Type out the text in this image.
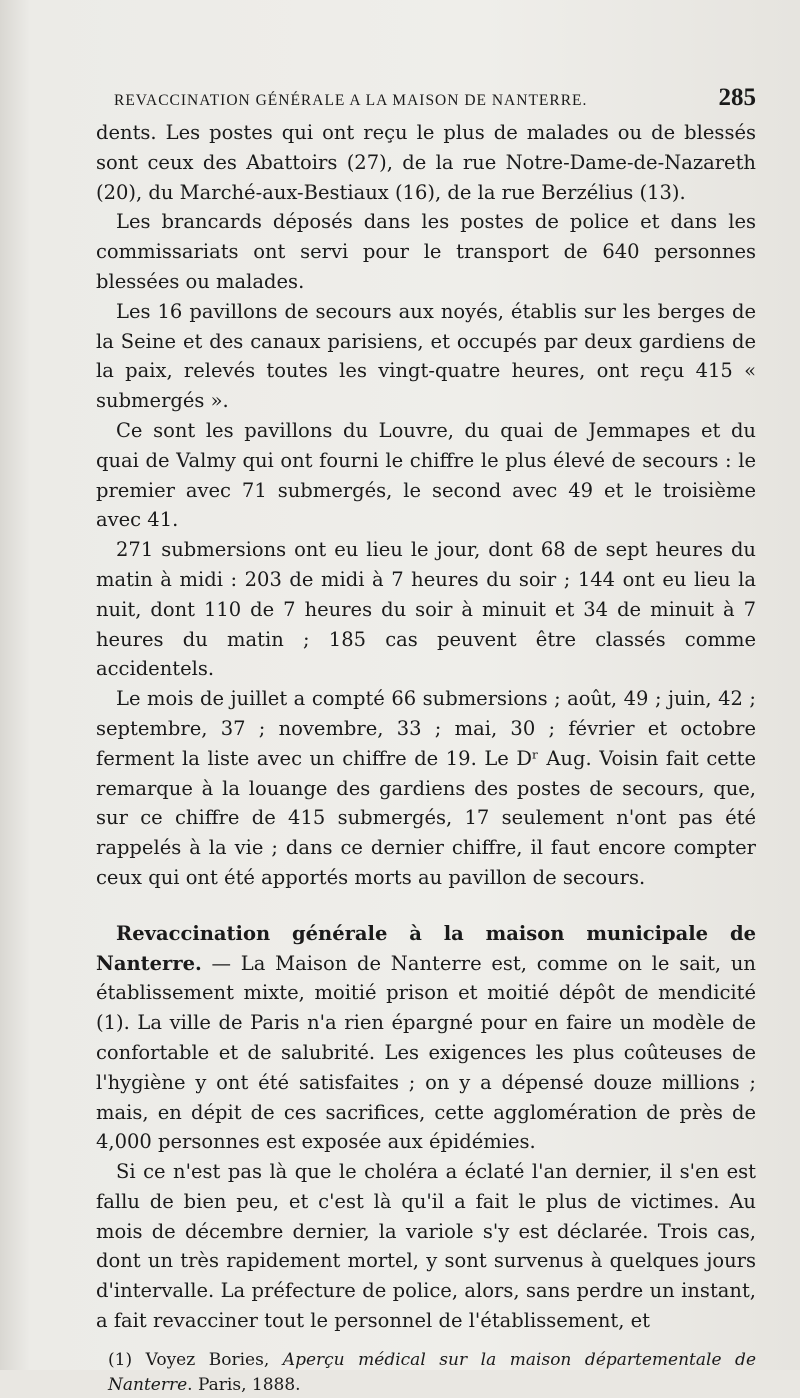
REVACCINATION GÉNÉRALE A LA MAISON DE NANTERRE.	285

dents. Les postes qui ont reçu le plus de malades ou de blessés sont ceux des Abattoirs (27), de la rue Notre-Dame-de-Nazareth (20), du Marché-aux-Bestiaux (16), de la rue Berzélius (13).

Les brancards déposés dans les postes de police et dans les commissariats ont servi pour le transport de 640 personnes blessées ou malades.

Les 16 pavillons de secours aux noyés, établis sur les berges de la Seine et des canaux parisiens, et occupés par deux gardiens de la paix, relevés toutes les vingt-quatre heures, ont reçu 415 « submergés ».

Ce sont les pavillons du Louvre, du quai de Jemmapes et du quai de Valmy qui ont fourni le chiffre le plus élevé de secours : le premier avec 71 submergés, le second avec 49 et le troisième avec 41.

271 submersions ont eu lieu le jour, dont 68 de sept heures du matin à midi : 203 de midi à 7 heures du soir ; 144 ont eu lieu la nuit, dont 110 de 7 heures du soir à minuit et 34 de minuit à 7 heures du matin ; 185 cas peuvent être classés comme accidentels.

Le mois de juillet a compté 66 submersions ; août, 49 ; juin, 42 ; septembre, 37 ; novembre, 33 ; mai, 30 ; février et octobre ferment la liste avec un chiffre de 19. Le Dʳ Aug. Voisin fait cette remarque à la louange des gardiens des postes de secours, que, sur ce chiffre de 415 submergés, 17 seulement n'ont pas été rappelés à la vie ; dans ce dernier chiffre, il faut encore compter ceux qui ont été apportés morts au pavillon de secours.

Revaccination générale à la maison municipale de Nanterre. — La Maison de Nanterre est, comme on le sait, un établissement mixte, moitié prison et moitié dépôt de mendicité (1). La ville de Paris n'a rien épargné pour en faire un modèle de confortable et de salubrité. Les exigences les plus coûteuses de l'hygiène y ont été satisfaites ; on y a dépensé douze millions ; mais, en dépit de ces sacrifices, cette agglomération de près de 4,000 personnes est exposée aux épidémies.

Si ce n'est pas là que le choléra a éclaté l'an dernier, il s'en est fallu de bien peu, et c'est là qu'il a fait le plus de victimes. Au mois de décembre dernier, la variole s'y est déclarée. Trois cas, dont un très rapidement mortel, y sont survenus à quelques jours d'intervalle. La préfecture de police, alors, sans perdre un instant, a fait revacciner tout le personnel de l'établissement, et

(1) Voyez Bories, Aperçu médical sur la maison départementale de Nanterre. Paris, 1888.
